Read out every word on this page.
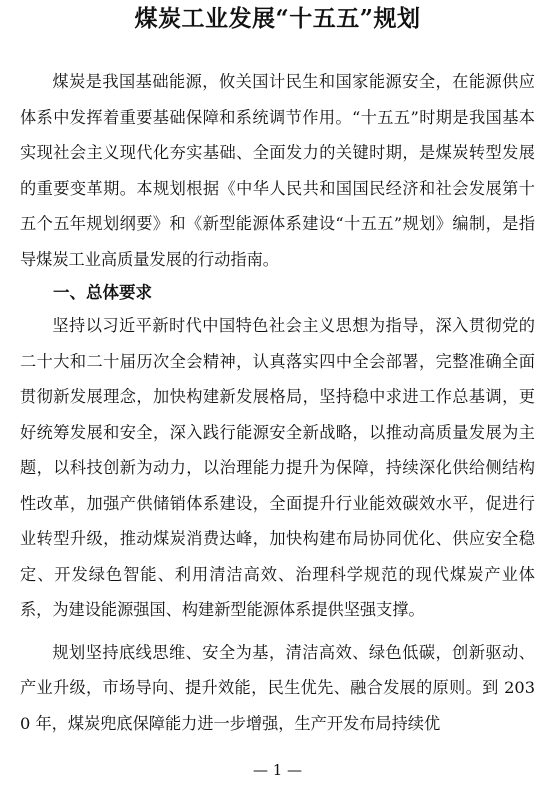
煤炭工业发展“十五五”规划

煤炭是我国基础能源，攸关国计民生和国家能源安全，在能源供应体系中发挥着重要基础保障和系统调节作用。“十五五”时期是我国基本实现社会主义现代化夯实基础、全面发力的关键时期，是煤炭转型发展的重要变革期。本规划根据《中华人民共和国国民经济和社会发展第十五个五年规划纲要》和《新型能源体系建设“十五五”规划》编制，是指导煤炭工业高质量发展的行动指南。

一、总体要求

坚持以习近平新时代中国特色社会主义思想为指导，深入贯彻党的二十大和二十届历次全会精神，认真落实四中全会部署，完整准确全面贯彻新发展理念，加快构建新发展格局，坚持稳中求进工作总基调，更好统筹发展和安全，深入践行能源安全新战略，以推动高质量发展为主题，以科技创新为动力，以治理能力提升为保障，持续深化供给侧结构性改革，加强产供储销体系建设，全面提升行业能效碳效水平，促进行业转型升级，推动煤炭消费达峰，加快构建布局协同优化、供应安全稳定、开发绿色智能、利用清洁高效、治理科学规范的现代煤炭产业体系，为建设能源强国、构建新型能源体系提供坚强支撑。

规划坚持底线思维、安全为基，清洁高效、绿色低碳，创新驱动、产业升级，市场导向、提升效能，民生优先、融合发展的原则。到 2030 年，煤炭兜底保障能力进一步增强，生产开发布局持续优

— 1 —
